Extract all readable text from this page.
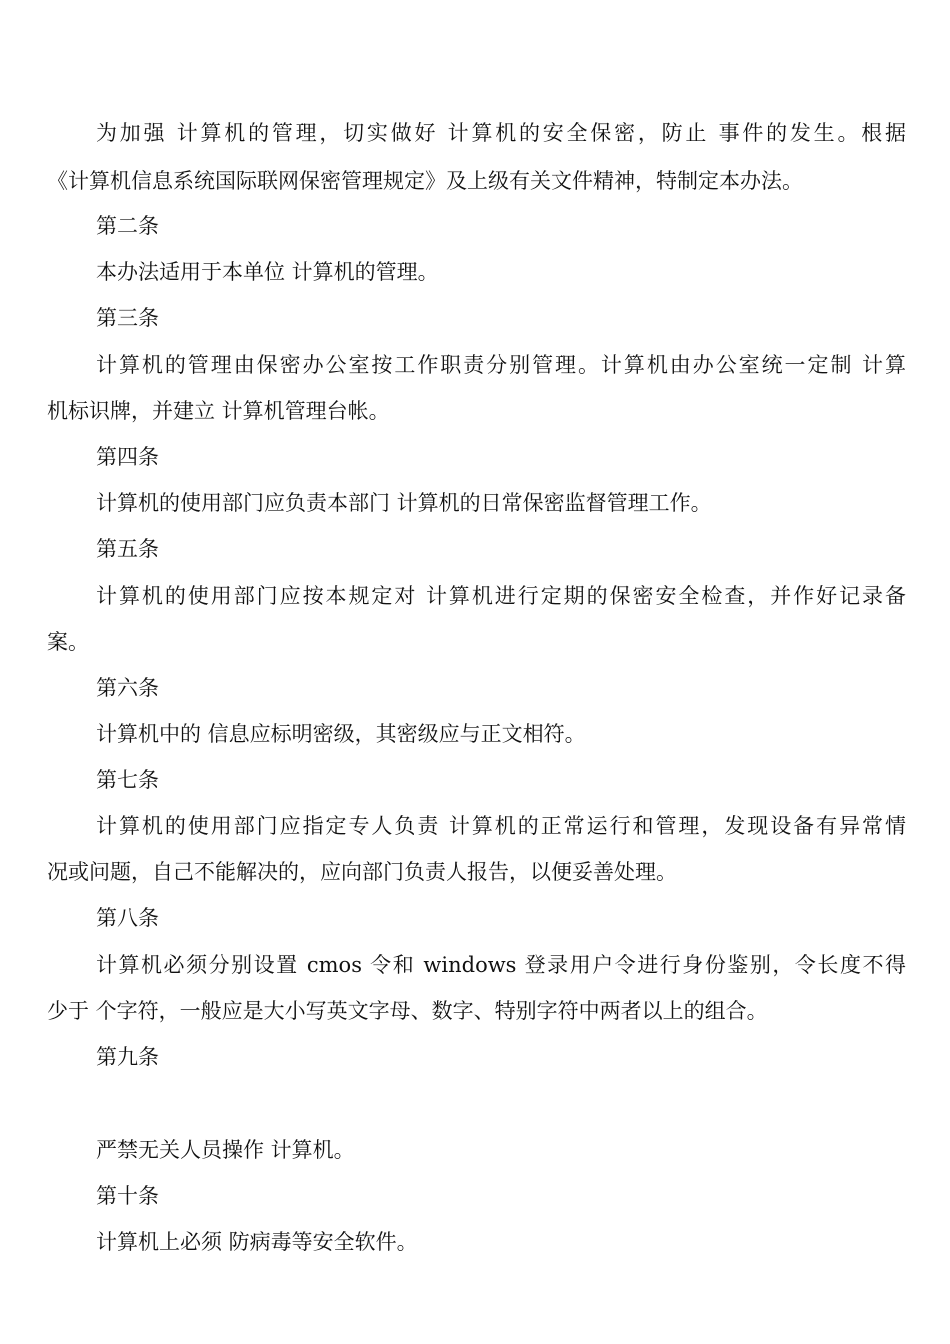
为加强 计算机的管理，切实做好 计算机的安全保密，防止 事件的发生。根据
《计算机信息系统国际联网保密管理规定》及上级有关文件精神，特制定本办法。
第二条
本办法适用于本单位 计算机的管理。
第三条
计算机的管理由保密办公室按工作职责分别管理。计算机由办公室统一定制 计算
机标识牌，并建立 计算机管理台帐。
第四条
计算机的使用部门应负责本部门 计算机的日常保密监督管理工作。
第五条
计算机的使用部门应按本规定对 计算机进行定期的保密安全检查，并作好记录备
案。
第六条
计算机中的 信息应标明密级，其密级应与正文相符。
第七条
计算机的使用部门应指定专人负责 计算机的正常运行和管理，发现设备有异常情
况或问题，自己不能解决的，应向部门负责人报告，以便妥善处理。
第八条
计算机必须分别设置 cmos 令和 windows 登录用户令进行身份鉴别，令长度不得
少于 个字符，一般应是大小写英文字母、数字、特别字符中两者以上的组合。
第九条
严禁无关人员操作 计算机。
第十条
计算机上必须 防病毒等安全软件。
